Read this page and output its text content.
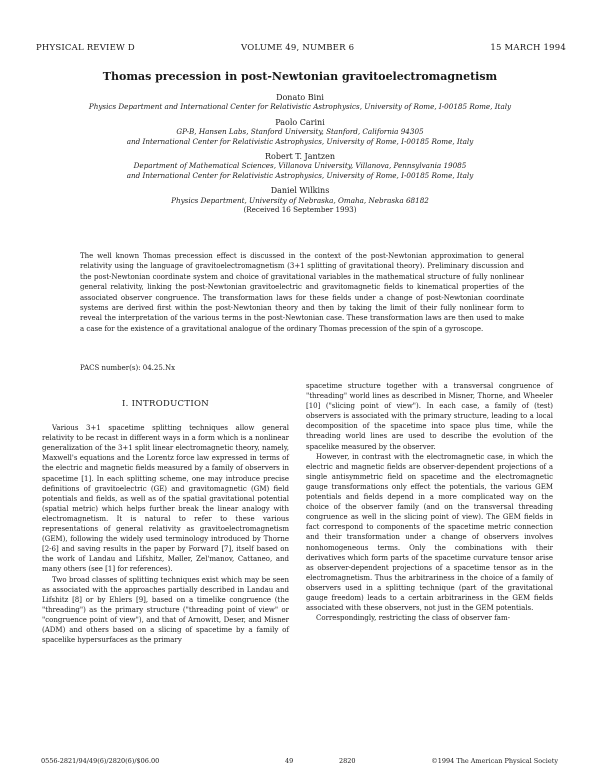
PHYSICAL REVIEW D	VOLUME 49, NUMBER 6	15 MARCH 1994
Thomas precession in post-Newtonian gravitoelectromagnetism
Donato Bini
Physics Department and International Center for Relativistic Astrophysics, University of Rome, I-00185 Rome, Italy
Paolo Carini
GP-B, Hansen Labs, Stanford University, Stanford, California 94305
and International Center for Relativistic Astrophysics, University of Rome, I-00185 Rome, Italy
Robert T. Jantzen
Department of Mathematical Sciences, Villanova University, Villanova, Pennsylvania 19085
and International Center for Relativistic Astrophysics, University of Rome, I-00185 Rome, Italy
Daniel Wilkins
Physics Department, University of Nebraska, Omaha, Nebraska 68182
(Received 16 September 1993)
The well known Thomas precession effect is discussed in the context of the post-Newtonian approximation to general relativity using the language of gravitoelectromagnetism (3+1 splitting of gravitational theory). Preliminary discussion and the post-Newtonian coordinate system and choice of gravitational variables in the mathematical structure of fully nonlinear general relativity, linking the post-Newtonian gravitoelectric and gravitomagnetic fields to kinematical properties of the associated observer congruence. The transformation laws for these fields under a change of post-Newtonian coordinate systems are derived first within the post-Newtonian theory and then by taking the limit of their fully nonlinear form to reveal the interpretation of the various terms in the post-Newtonian case. These transformation laws are then used to make a case for the existence of a gravitational analogue of the ordinary Thomas precession of the spin of a gyroscope.
PACS number(s): 04.25.Nx
I. INTRODUCTION

Various 3+1 spacetime splitting techniques allow general relativity to be recast in different ways in a form which is a nonlinear generalization of the 3+1 split linear electromagnetic theory, namely, Maxwell's equations and the Lorentz force law expressed in terms of the electric and magnetic fields measured by a family of observers in spacetime [1]. In each splitting scheme, one may introduce precise definitions of gravitoelectric (GE) and gravitomagnetic (GM) field potentials and fields, as well as of the spatial gravitational potential (spatial metric) which helps further break the linear analogy with electromagnetism. It is natural to refer to these various representations of general relativity as gravitoelectromagnetism (GEM), following the widely used terminology introduced by Thorne [2-6] and saving results in the paper by Forward [7], itself based on the work of Landau and Lifshitz, Møller, Zel'manov, Cattaneo, and many others (see [1] for references).

Two broad classes of splitting techniques exist which may be seen as associated with the approaches partially described in Landau and Lifshitz [8] or by Ehlers [9], based on a timelike congruence (the "threading") as the primary structure ("threading point of view" or "congruence point of view"), and that of Arnowitt, Deser, and Misner (ADM) and others based on a slicing of spacetime by a family of spacelike hypersurfaces as the primary

spacetime structure together with a transversal congruence of "threading" world lines as described in Misner, Thorne, and Wheeler [10] ("slicing point of view"). In each case, a family of (test) observers is associated with the primary structure, leading to a local decomposition of the spacetime into space plus time, while the threading world lines are used to describe the evolution of the spacelike measured by the observer.

However, in contrast with the electromagnetic case, in which the electric and magnetic fields are observer-dependent projections of a single antisymmetric field on spacetime and the electromagnetic gauge transformations only effect the potentials, the various GEM potentials and fields depend in a more complicated way on the choice of the observer family (and on the transversal threading congruence as well in the slicing point of view). The GEM fields in fact correspond to components of the spacetime metric connection and their transformation under a change of observers involves nonhomogeneous terms. Only the combinations with their derivatives which form parts of the spacetime curvature tensor arise as observer-dependent projections of a spacetime tensor as in the electromagnetism. Thus the arbitrariness in the choice of a family of observers used in a splitting technique (part of the gravitational gauge freedom) leads to a certain arbitrariness in the GEM fields associated with these observers, not just in the GEM potentials.

Correspondingly, restricting the class of observer fam-

0556-2821/94/49(6)/2820(6)/$06.00	49	2820	©1994 The American Physical Society
